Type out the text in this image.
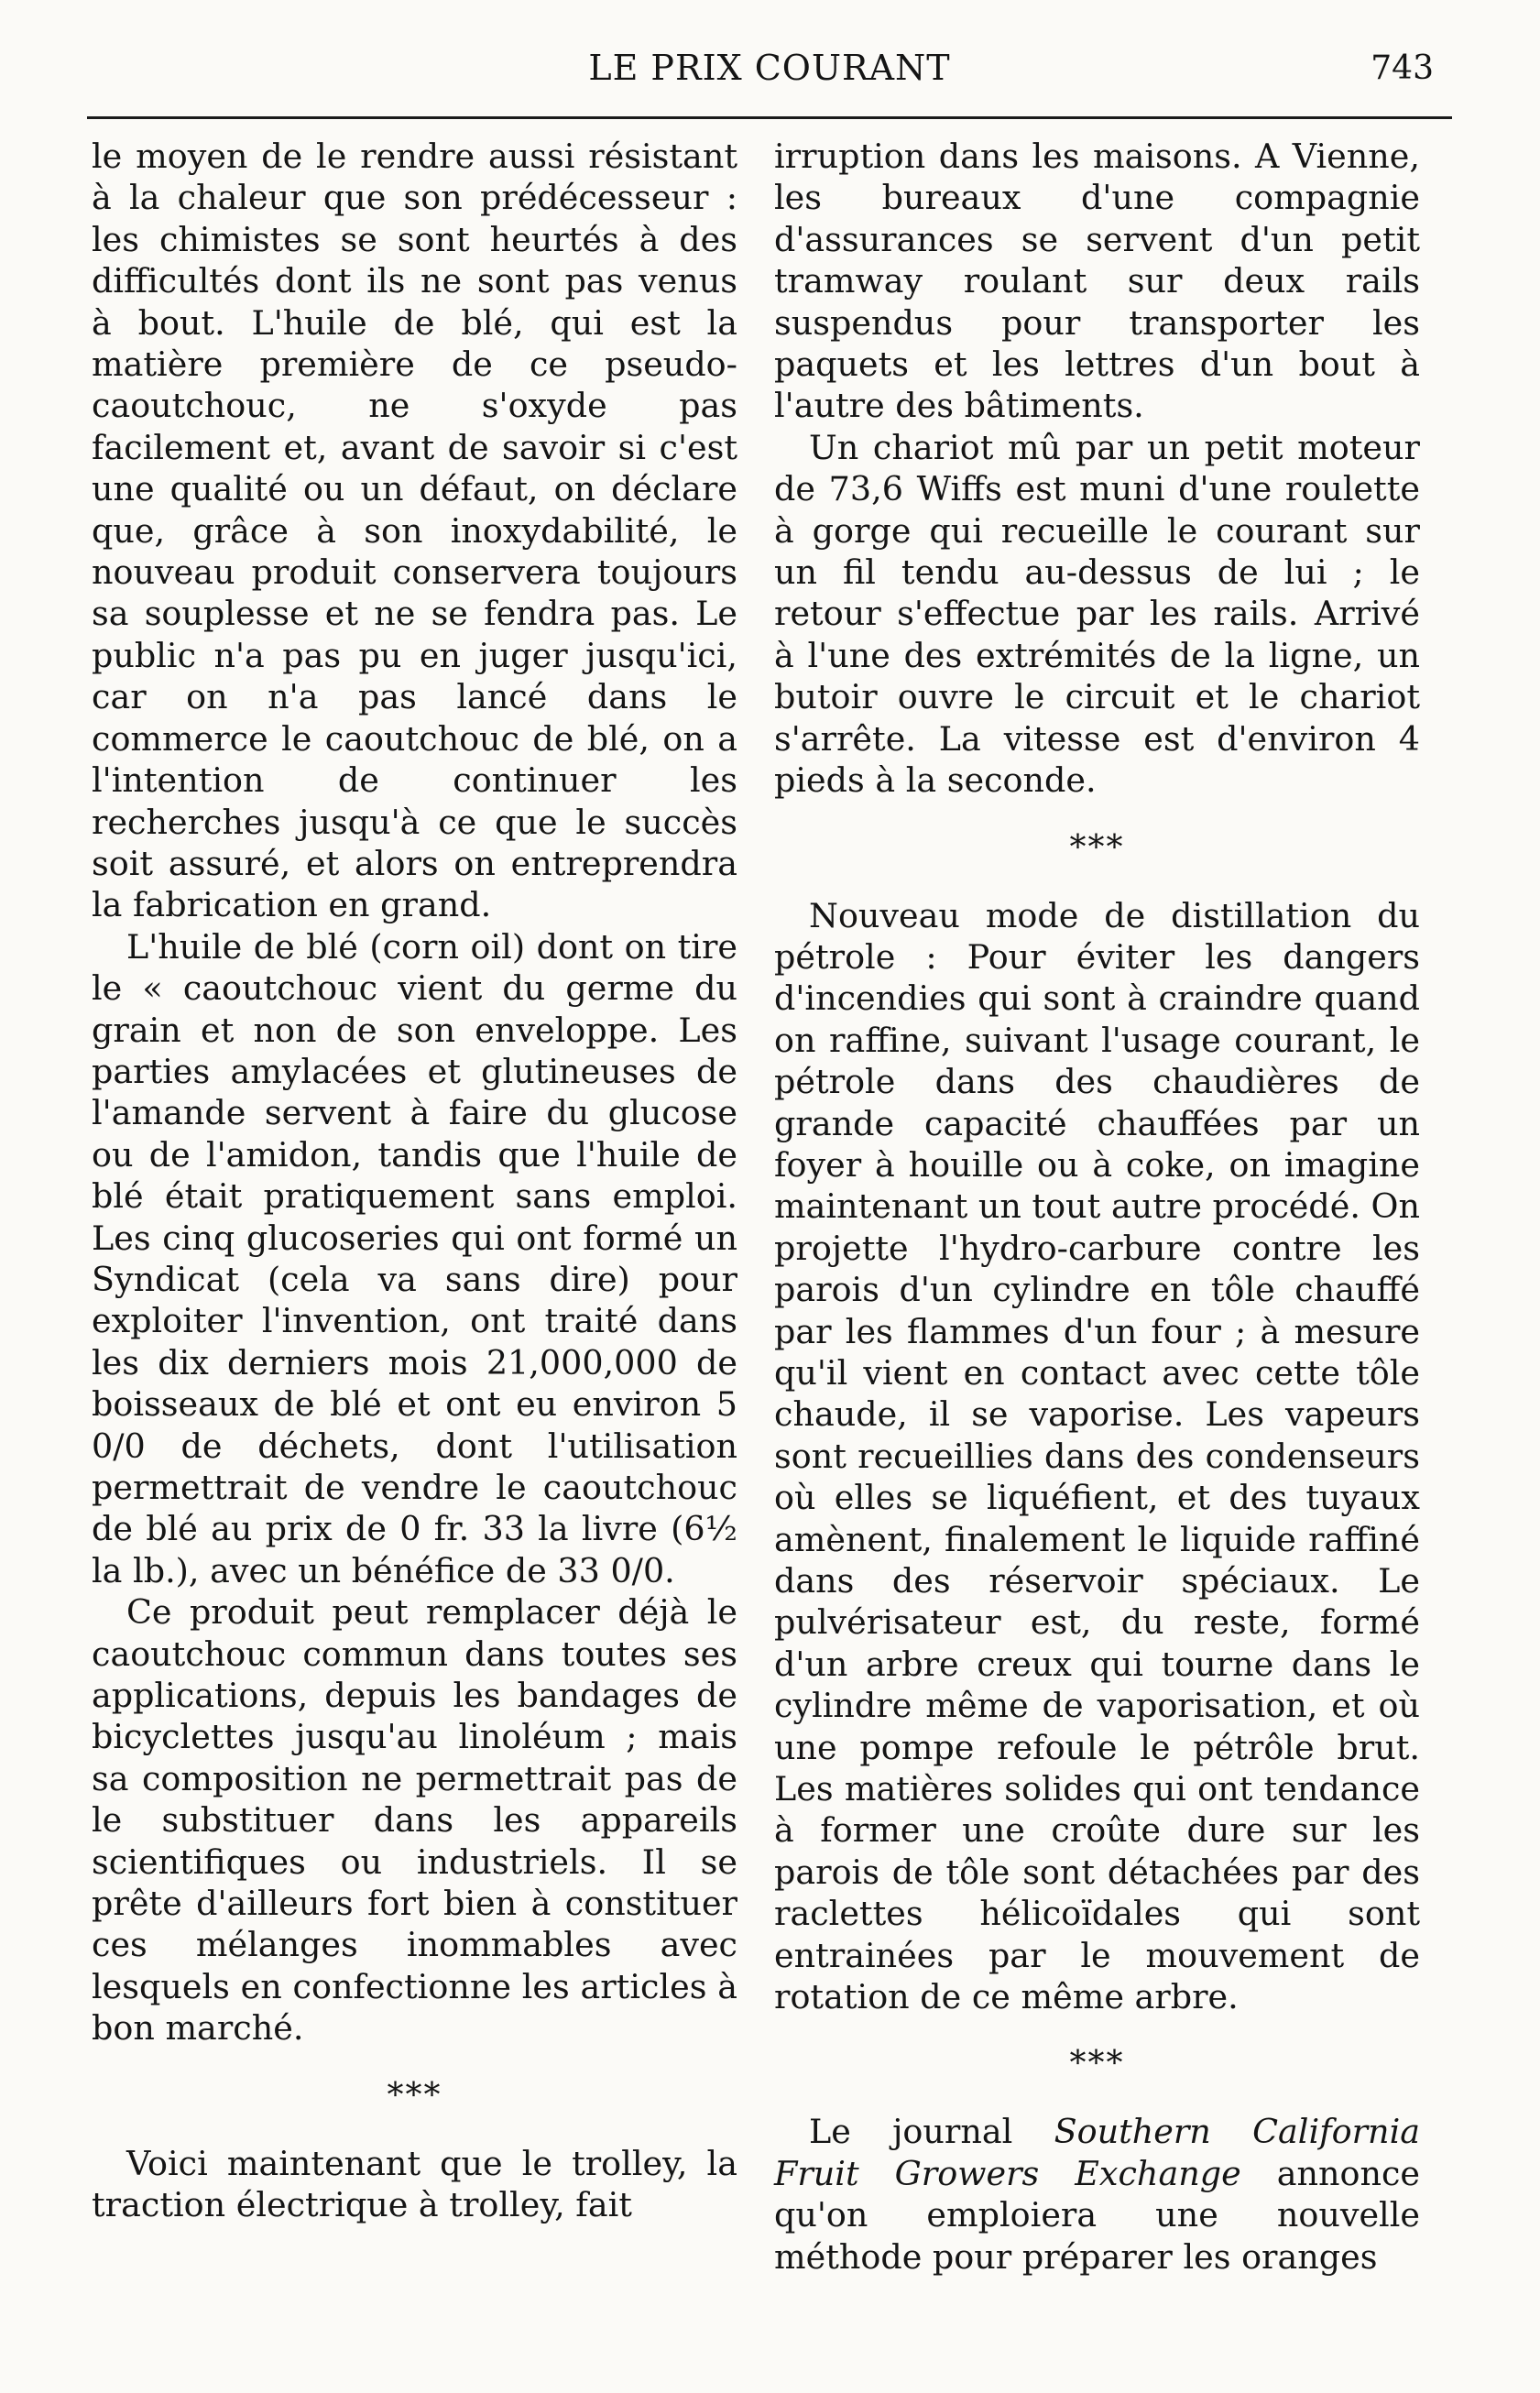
LE PRIX COURANT	743

le moyen de le rendre aussi résistant à la chaleur que son prédécesseur : les chimistes se sont heurtés à des difficultés dont ils ne sont pas venus à bout. L'huile de blé, qui est la matière première de ce pseudo-caoutchouc, ne s'oxyde pas facilement et, avant de savoir si c'est une qualité ou un défaut, on déclare que, grâce à son inoxydabilité, le nouveau produit conservera toujours sa souplesse et ne se fendra pas. Le public n'a pas pu en juger jusqu'ici, car on n'a pas lancé dans le commerce le caoutchouc de blé, on a l'intention de continuer les recherches jusqu'à ce que le succès soit assuré, et alors on entreprendra la fabrication en grand.

L'huile de blé (corn oil) dont on tire le « caoutchouc vient du germe du grain et non de son enveloppe. Les parties amylacées et glutineuses de l'amande servent à faire du glucose ou de l'amidon, tandis que l'huile de blé était pratiquement sans emploi. Les cinq glucoseries qui ont formé un Syndicat (cela va sans dire) pour exploiter l'invention, ont traité dans les dix derniers mois 21,000,000 de boisseaux de blé et ont eu environ 5 0/0 de déchets, dont l'utilisation permettrait de vendre le caoutchouc de blé au prix de 0 fr. 33 la livre (6½ la lb.), avec un bénéfice de 33 0/0.

Ce produit peut remplacer déjà le caoutchouc commun dans toutes ses applications, depuis les bandages de bicyclettes jusqu'au linoléum ; mais sa composition ne permettrait pas de le substituer dans les appareils scientifiques ou industriels. Il se prête d'ailleurs fort bien à constituer ces mélanges inommables avec lesquels en confectionne les articles à bon marché.

***

Voici maintenant que le trolley, la traction électrique à trolley, fait

irruption dans les maisons. A Vienne, les bureaux d'une compagnie d'assurances se servent d'un petit tramway roulant sur deux rails suspendus pour transporter les paquets et les lettres d'un bout à l'autre des bâtiments.

Un chariot mû par un petit moteur de 73,6 Wiffs est muni d'une roulette à gorge qui recueille le courant sur un fil tendu au-dessus de lui ; le retour s'effectue par les rails. Arrivé à l'une des extrémités de la ligne, un butoir ouvre le circuit et le chariot s'arrête. La vitesse est d'environ 4 pieds à la seconde.

***

Nouveau mode de distillation du pétrole : Pour éviter les dangers d'incendies qui sont à craindre quand on raffine, suivant l'usage courant, le pétrole dans des chaudières de grande capacité chauffées par un foyer à houille ou à coke, on imagine maintenant un tout autre procédé. On projette l'hydro-carbure contre les parois d'un cylindre en tôle chauffé par les flammes d'un four ; à mesure qu'il vient en contact avec cette tôle chaude, il se vaporise. Les vapeurs sont recueillies dans des condenseurs où elles se liquéfient, et des tuyaux amènent, finalement le liquide raffiné dans des réservoir spéciaux. Le pulvérisateur est, du reste, formé d'un arbre creux qui tourne dans le cylindre même de vaporisation, et où une pompe refoule le pétrôle brut. Les matières solides qui ont tendance à former une croûte dure sur les parois de tôle sont détachées par des raclettes hélicoïdales qui sont entrainées par le mouvement de rotation de ce même arbre.

***

Le journal Southern California Fruit Growers Exchange annonce qu'on emploiera une nouvelle méthode pour préparer les oranges
